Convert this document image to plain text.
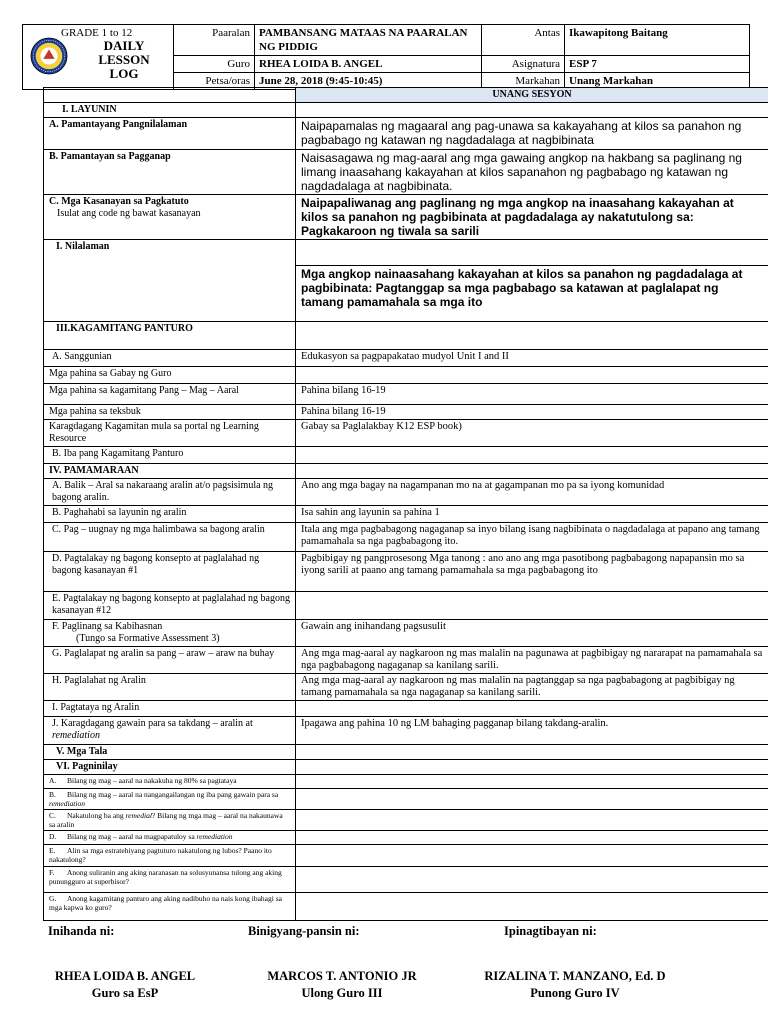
GRADE 1 to 12
DAILY
LESSON
LOG	Paaralan	PAMBANSANG MATAAS NA PAARALAN NG PIDDIG	Antas	Ikawapitong Baitang
	Guro	RHEA LOIDA B. ANGEL	Asignatura	ESP 7
	Petsa/oras	June 28, 2018 (9:45-10:45)	Markahan	Unang Markahan
	UNANG SESYON
I. LAYUNIN	
A. Pamantayang Pangnilalaman	Naipapamalas ng magaaral ang pag-unawa sa kakayahang at kilos sa panahon ng pagbabago ng katawan ng nagdadalaga at nagbibinata
B. Pamantayan sa Pagganap	Naisasagawa ng mag-aaral ang mga gawaing angkop na hakbang sa paglinang ng limang inaasahang kakayahan at kilos sapanahon ng pagbabago ng katawan ng nagdadalaga at nagbibinata.

C. Mga Kasanayan sa Pagkatuto
Isulat ang code ng bawat kasanayan	Naipapaliwanag ang paglinang ng mga angkop na inaasahang kakayahan at kilos sa panahon ng pagbibinata at pagdadalaga ay nakatutulong sa: Pagkakaroon ng tiwala sa sarili
I. Nilalaman	
	Mga angkop nainaasahang kakayahan at kilos sa panahon ng pagdadalaga at pagbibinata: Pagtanggap sa mga pagbabago sa katawan at paglalapat ng tamang pamamahala sa mga ito
III.KAGAMITANG PANTURO	
A. Sanggunian	Edukasyon sa pagpapakatao mudyol Unit I and II
Mga pahina sa Gabay ng Guro	
Mga pahina sa kagamitang Pang – Mag – Aaral	Pahina bilang 16-19
Mga pahina sa teksbuk	Pahina bilang 16-19
Karagdagang Kagamitan mula sa portal ng Learning Resource	Gabay sa Paglalakbay K12 ESP book)
B. Iba pang Kagamitang Panturo	
IV. PAMAMARAAN	
A. Balik – Aral sa nakaraang aralin at/o pagsisimula ng bagong aralin.	Ano ang mga bagay na nagampanan mo na at gagampanan mo pa sa iyong komunidad
B. Paghahabi sa layunin ng aralin	Isa sahin ang layunin sa pahina 1
C. Pag – uugnay ng mga halimbawa sa bagong aralin	Itala ang mga pagbabagong nagaganap sa inyo bilang isang nagbibinata o nagdadalaga at papano ang tamang pamamahala sa nga pagbabagong ito.
D. Pagtalakay ng bagong konsepto at paglalahad ng bagong kasanayan #1	Pagbibigay ng pangprosesong Mga tanong : ano ano ang mga pasotibong pagbabagong napapansin mo sa iyong sarili at paano ang tamang pamamahala sa mga pagbabagong ito
E. Pagtalakay ng bagong konsepto at paglalahad ng bagong kasanayan #12	

F. Paglinang sa Kabihasnan
(Tungo sa Formative Assessment 3)	Gawain ang inihandang pagsusulit
G. Paglalapat ng aralin sa pang – araw – araw na buhay	Ang mga mag-aaral ay nagkaroon ng mas malalin na pagunawa at pagbibigay ng nararapat na pamamahala sa nga pagbabagong nagaganap sa kanilang sarili.
H. Paglalahat ng Aralin	Ang mga mag-aaral ay nagkaroon ng mas malalin na pagtanggap sa nga pagbabagong at pagbibigay ng tamang pamamahala sa nga nagaganap sa kanilang sarili.
I. Pagtataya ng Aralin	
J. Karagdagang gawain para sa takdang – aralin at remediation	Ipagawa ang pahina 10 ng LM bahaging pagganap bilang takdang-aralin.
V. Mga Tala	
VI. Pagninilay	
A. Bilang ng mag – aaral na nakakuha ng 80% sa pagtataya	
B. Bilang ng mag – aaral na nangangailangan ng iba pang gawain para sa remediation	
C. Nakatulong ba ang remedial? Bilang ng mga mag – aaral na nakaunawa sa aralin	
D. Bilang ng mag – aaral na magpapatuloy sa remediation	
E. Alin sa mga estratehiyang pagtuturo nakatulong ng lubos? Paano ito nakatulong?	
F. Anong suliranin ang aking naranasan na solusyunansa tulong ang aking punungguro at superbisor?	
G. Anong kagamitang panturo ang aking nadibuho na nais kong ibahagi sa mga kapwa ko guro?	
Inihanda ni:	Binigyang-pansin ni:	Ipinagtibayan ni:
RHEA LOIDA B. ANGEL
Guro sa EsP
MARCOS T. ANTONIO JR
Ulong Guro III
RIZALINA T. MANZANO, Ed. D
Punong Guro IV
